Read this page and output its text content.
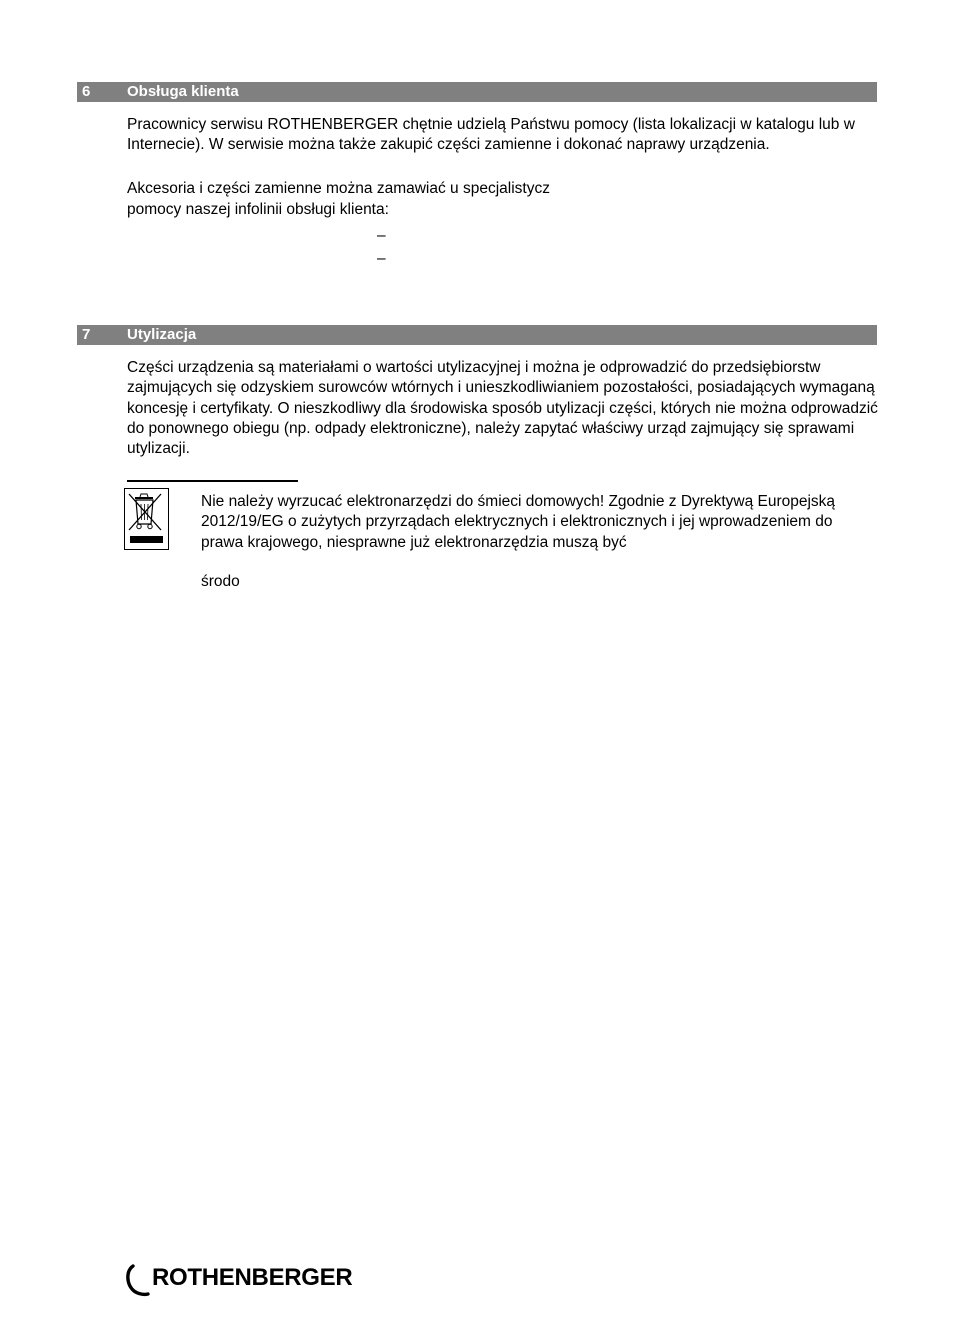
6 Obsługa klienta

Pracownicy serwisu ROTHENBERGER chętnie udzielą Państwu pomocy (lista lokalizacji w katalogu lub w Internecie). W serwisie można także zakupić części zamienne i dokonać naprawy urządzenia.

Akcesoria i części zamienne można zamawiać u specjalistycz
pomocy naszej infolinii obsługi klienta:
–
–
7 Utylizacja

Części urządzenia są materiałami o wartości utylizacyjnej i można je odprowadzić do przedsiębiorstw zajmujących się odzyskiem surowców wtórnych i unieszkodliwianiem pozostałości, posiadających wymaganą koncesję i certyfikaty. O nieszkodliwy dla środowiska sposób utylizacji części, których nie można odprowadzić do ponownego obiegu (np. odpady elektroniczne), należy zapytać właściwy urząd zajmujący się sprawami utylizacji.

Nie należy wyrzucać elektronarzędzi do śmieci domowych! Zgodnie z Dyrektywą Europejską 2012/19/EG o zużytych przyrządach elektrycznych i elektronicznych i jej wprowadzeniem do prawa krajowego, niesprawne już elektronarzędzia muszą być

środo
ROTHENBERGER
